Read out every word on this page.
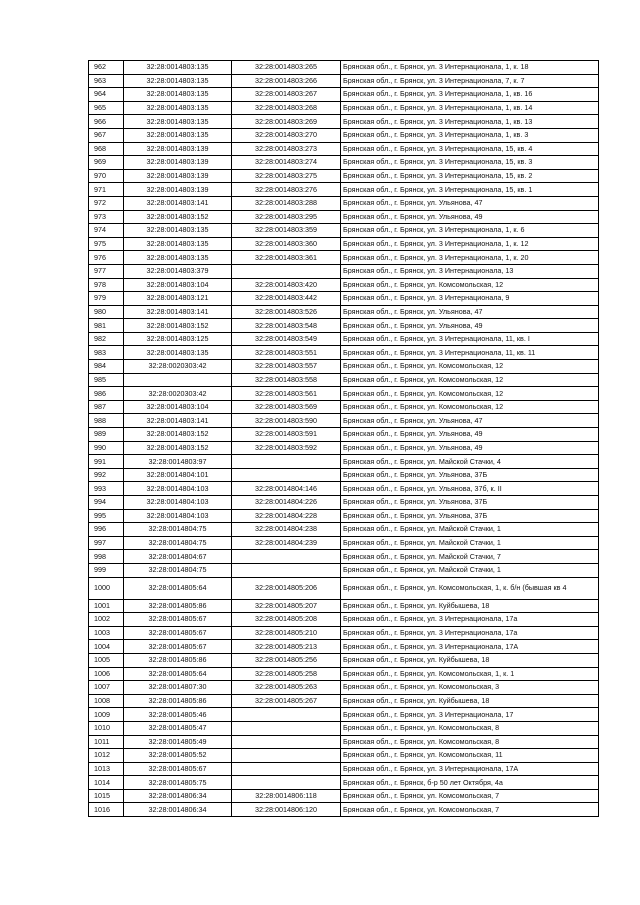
962	32:28:0014803:135	32:28:0014803:265	Брянская обл., г. Брянск, ул. 3 Интернационала, 1, к. 18
963	32:28:0014803:135	32:28:0014803:266	Брянская обл., г. Брянск, ул. 3 Интернационала, 7, к. 7
964	32:28:0014803:135	32:28:0014803:267	Брянская обл., г. Брянск, ул. 3 Интернационала, 1, кв. 16
965	32:28:0014803:135	32:28:0014803:268	Брянская обл., г. Брянск, ул. 3 Интернационала, 1, кв. 14
966	32:28:0014803:135	32:28:0014803:269	Брянская обл., г. Брянск, ул. 3 Интернационала, 1, кв. 13
967	32:28:0014803:135	32:28:0014803:270	Брянская обл., г. Брянск, ул. 3 Интернационала, 1, кв. 3
968	32:28:0014803:139	32:28:0014803:273	Брянская обл., г. Брянск, ул. 3 Интернационала, 15, кв. 4
969	32:28:0014803:139	32:28:0014803:274	Брянская обл., г. Брянск, ул. 3 Интернационала, 15, кв. 3
970	32:28:0014803:139	32:28:0014803:275	Брянская обл., г. Брянск, ул. 3 Интернационала, 15, кв. 2
971	32:28:0014803:139	32:28:0014803:276	Брянская обл., г. Брянск, ул. 3 Интернационала, 15, кв. 1
972	32:28:0014803:141	32:28:0014803:288	Брянская обл., г. Брянск, ул. Ульянова, 47
973	32:28:0014803:152	32:28:0014803:295	Брянская обл., г. Брянск, ул. Ульянова, 49
974	32:28:0014803:135	32:28:0014803:359	Брянская обл., г. Брянск, ул. 3 Интернационала, 1, к. 6
975	32:28:0014803:135	32:28:0014803:360	Брянская обл., г. Брянск, ул. 3 Интернационала, 1, к. 12
976	32:28:0014803:135	32:28:0014803:361	Брянская обл., г. Брянск, ул. 3 Интернационала, 1, к. 20
977	32:28:0014803:379		Брянская обл., г. Брянск, ул. 3 Интернационала, 13
978	32:28:0014803:104	32:28:0014803:420	Брянская обл., г. Брянск, ул. Комсомольская, 12
979	32:28:0014803:121	32:28:0014803:442	Брянская обл., г. Брянск, ул. 3 Интернационала, 9
980	32:28:0014803:141	32:28:0014803:526	Брянская обл., г. Брянск, ул. Ульянова, 47
981	32:28:0014803:152	32:28:0014803:548	Брянская обл., г. Брянск, ул. Ульянова, 49
982	32:28:0014803:125	32:28:0014803:549	Брянская обл., г. Брянск, ул. 3 Интернационала, 11, кв. I
983	32:28:0014803:135	32:28:0014803:551	Брянская обл., г. Брянск, ул. 3 Интернационала, 11, кв. 11
984	32:28:0020303:42	32:28:0014803:557	Брянская обл., г. Брянск, ул. Комсомольская, 12
985		32:28:0014803:558	Брянская обл., г. Брянск, ул. Комсомольская, 12
986	32:28:0020303:42	32:28:0014803:561	Брянская обл., г. Брянск, ул. Комсомольская, 12
987	32:28:0014803:104	32:28:0014803:569	Брянская обл., г. Брянск, ул. Комсомольская, 12
988	32:28:0014803:141	32:28:0014803:590	Брянская обл., г. Брянск, ул. Ульянова, 47
989	32:28:0014803:152	32:28:0014803:591	Брянская обл., г. Брянск, ул. Ульянова, 49
990	32:28:0014803:152	32:28:0014803:592	Брянская обл., г. Брянск, ул. Ульянова, 49
991	32:28:0014803:97		Брянская обл., г. Брянск, ул. Майской Стачки, 4
992	32:28:0014804:101		Брянская обл., г. Брянск, ул. Ульянова, 37Б
993	32:28:0014804:103	32:28:0014804:146	Брянская обл., г. Брянск, ул. Ульянова, 37б, к. II
994	32:28:0014804:103	32:28:0014804:226	Брянская обл., г. Брянск, ул. Ульянова, 37Б
995	32:28:0014804:103	32:28:0014804:228	Брянская обл., г. Брянск, ул. Ульянова, 37Б
996	32:28:0014804:75	32:28:0014804:238	Брянская обл., г. Брянск, ул. Майской Стачки, 1
997	32:28:0014804:75	32:28:0014804:239	Брянская обл., г. Брянск, ул. Майской Стачки, 1
998	32:28:0014804:67		Брянская обл., г. Брянск, ул. Майской Стачки, 7
999	32:28:0014804:75		Брянская обл., г. Брянск, ул. Майской Стачки, 1
1000	32:28:0014805:64	32:28:0014805:206	Брянская обл., г. Брянск, ул. Комсомольская, 1, к. б/н (бывшая кв 4
1001	32:28:0014805:86	32:28:0014805:207	Брянская обл., г. Брянск, ул. Куйбышева, 18
1002	32:28:0014805:67	32:28:0014805:208	Брянская обл., г. Брянск, ул. 3 Интернационала, 17а
1003	32:28:0014805:67	32:28:0014805:210	Брянская обл., г. Брянск, ул. 3 Интернационала, 17а
1004	32:28:0014805:67	32:28:0014805:213	Брянская обл., г. Брянск, ул. 3 Интернационала, 17А
1005	32:28:0014805:86	32:28:0014805:256	Брянская обл., г. Брянск, ул. Куйбышева, 18
1006	32:28:0014805:64	32:28:0014805:258	Брянская обл., г. Брянск, ул. Комсомольская, 1, к. 1
1007	32:28:0014807:30	32:28:0014805:263	Брянская обл., г. Брянск, ул. Комсомольская, 3
1008	32:28:0014805:86	32:28:0014805:267	Брянская обл., г. Брянск, ул. Куйбышева, 18
1009	32:28:0014805:46		Брянская обл., г. Брянск, ул. 3 Интернационала, 17
1010	32:28:0014805:47		Брянская обл., г. Брянск, ул. Комсомольская, 8
1011	32:28:0014805:49		Брянская обл., г. Брянск, ул. Комсомольская, 8
1012	32:28:0014805:52		Брянская обл., г. Брянск, ул. Комсомольская, 11
1013	32:28:0014805:67		Брянская обл., г. Брянск, ул. 3 Интернационала, 17А
1014	32:28:0014805:75		Брянская обл., г. Брянск, б-р 50 лет Октября, 4а
1015	32:28:0014806:34	32:28:0014806:118	Брянская обл., г. Брянск, ул. Комсомольская, 7
1016	32:28:0014806:34	32:28:0014806:120	Брянская обл., г. Брянск, ул. Комсомольская, 7
